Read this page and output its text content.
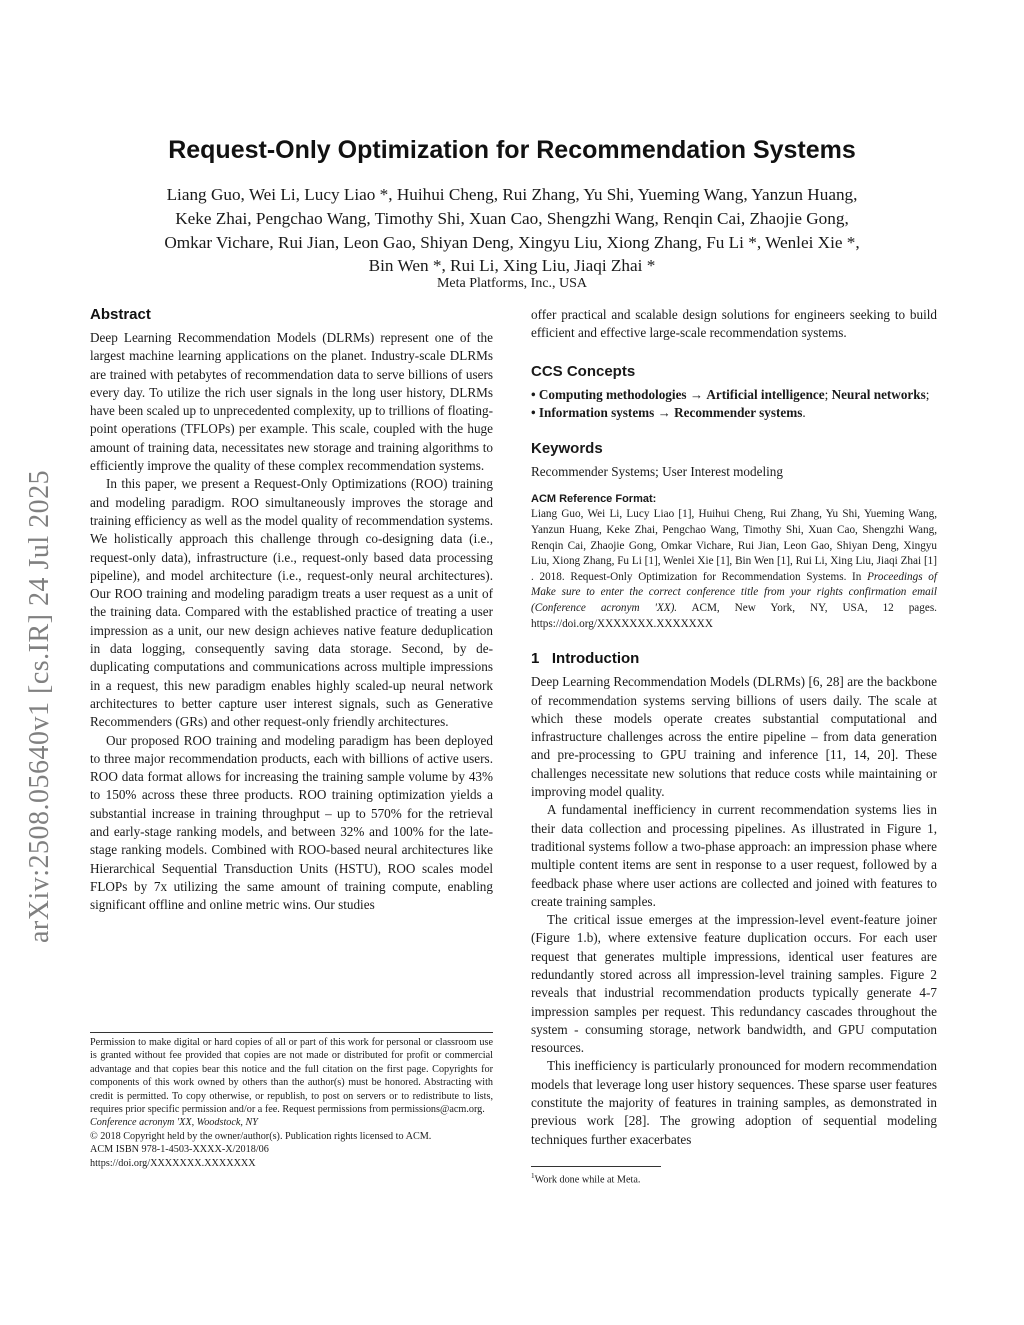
arXiv:2508.05640v1 [cs.IR] 24 Jul 2025
Request-Only Optimization for Recommendation Systems
Liang Guo, Wei Li, Lucy Liao *, Huihui Cheng, Rui Zhang, Yu Shi, Yueming Wang, Yanzun Huang,
Keke Zhai, Pengchao Wang, Timothy Shi, Xuan Cao, Shengzhi Wang, Renqin Cai, Zhaojie Gong,
Omkar Vichare, Rui Jian, Leon Gao, Shiyan Deng, Xingyu Liu, Xiong Zhang, Fu Li *, Wenlei Xie *,
Bin Wen *, Rui Li, Xing Liu, Jiaqi Zhai *
Meta Platforms, Inc., USA
Abstract

Deep Learning Recommendation Models (DLRMs) represent one of the largest machine learning applications on the planet. Industry-scale DLRMs are trained with petabytes of recommendation data to serve billions of users every day. To utilize the rich user signals in the long user history, DLRMs have been scaled up to unprecedented complexity, up to trillions of floating-point operations (TFLOPs) per example. This scale, coupled with the huge amount of training data, necessitates new storage and training algorithms to efficiently improve the quality of these complex recommendation systems.

In this paper, we present a Request-Only Optimizations (ROO) training and modeling paradigm. ROO simultaneously improves the storage and training efficiency as well as the model quality of recommendation systems. We holistically approach this challenge through co-designing data (i.e., request-only data), infrastructure (i.e., request-only based data processing pipeline), and model architecture (i.e., request-only neural architectures). Our ROO training and modeling paradigm treats a user request as a unit of the training data. Compared with the established practice of treating a user impression as a unit, our new design achieves native feature deduplication in data logging, consequently saving data storage. Second, by de-duplicating computations and communications across multiple impressions in a request, this new paradigm enables highly scaled-up neural network architectures to better capture user interest signals, such as Generative Recommenders (GRs) and other request-only friendly architectures.

Our proposed ROO training and modeling paradigm has been deployed to three major recommendation products, each with billions of active users. ROO data format allows for increasing the training sample volume by 43% to 150% across these three products. ROO training optimization yields a substantial increase in training throughput – up to 570% for the retrieval and early-stage ranking models, and between 32% and 100% for the late-stage ranking models. Combined with ROO-based neural architectures like Hierarchical Sequential Transduction Units (HSTU), ROO scales model FLOPs by 7x utilizing the same amount of training compute, enabling significant offline and online metric wins. Our studies

Permission to make digital or hard copies of all or part of this work for personal or classroom use is granted without fee provided that copies are not made or distributed for profit or commercial advantage and that copies bear this notice and the full citation on the first page. Copyrights for components of this work owned by others than the author(s) must be honored. Abstracting with credit is permitted. To copy otherwise, or republish, to post on servers or to redistribute to lists, requires prior specific permission and/or a fee. Request permissions from permissions@acm.org.

Conference acronym 'XX, Woodstock, NY

© 2018 Copyright held by the owner/author(s). Publication rights licensed to ACM.

ACM ISBN 978-1-4503-XXXX-X/2018/06

https://doi.org/XXXXXXX.XXXXXXX

offer practical and scalable design solutions for engineers seeking to build efficient and effective large-scale recommendation systems.

CCS Concepts
• Computing methodologies → Artificial intelligence; Neural networks; • Information systems → Recommender systems.
Keywords

Recommender Systems; User Interest modeling

ACM Reference Format:

Liang Guo, Wei Li, Lucy Liao [1], Huihui Cheng, Rui Zhang, Yu Shi, Yueming Wang, Yanzun Huang, Keke Zhai, Pengchao Wang, Timothy Shi, Xuan Cao, Shengzhi Wang, Renqin Cai, Zhaojie Gong, Omkar Vichare, Rui Jian, Leon Gao, Shiyan Deng, Xingyu Liu, Xiong Zhang, Fu Li [1], Wenlei Xie [1], Bin Wen [1], Rui Li, Xing Liu, Jiaqi Zhai [1] . 2018. Request-Only Optimization for Recommendation Systems. In Proceedings of Make sure to enter the correct conference title from your rights confirmation email (Conference acronym 'XX). ACM, New York, NY, USA, 12 pages. https://doi.org/XXXXXXX.XXXXXXX

1 Introduction

Deep Learning Recommendation Models (DLRMs) [6, 28] are the backbone of recommendation systems serving billions of users daily. The scale at which these models operate creates substantial computational and infrastructure challenges across the entire pipeline – from data generation and pre-processing to GPU training and inference [11, 14, 20]. These challenges necessitate new solutions that reduce costs while maintaining or improving model quality.

A fundamental inefficiency in current recommendation systems lies in their data collection and processing pipelines. As illustrated in Figure 1, traditional systems follow a two-phase approach: an impression phase where multiple content items are sent in response to a user request, followed by a feedback phase where user actions are collected and joined with features to create training samples.

The critical issue emerges at the impression-level event-feature joiner (Figure 1.b), where extensive feature duplication occurs. For each user request that generates multiple impressions, identical user features are redundantly stored across all impression-level training samples. Figure 2 reveals that industrial recommendation products typically generate 4-7 impression samples per request. This redundancy cascades throughout the system - consuming storage, network bandwidth, and GPU computation resources.

This inefficiency is particularly pronounced for modern recommendation models that leverage long user history sequences. These sparse user features constitute the majority of features in training samples, as demonstrated in previous work [28]. The growing adoption of sequential modeling techniques further exacerbates

$^1$Work done while at Meta.
